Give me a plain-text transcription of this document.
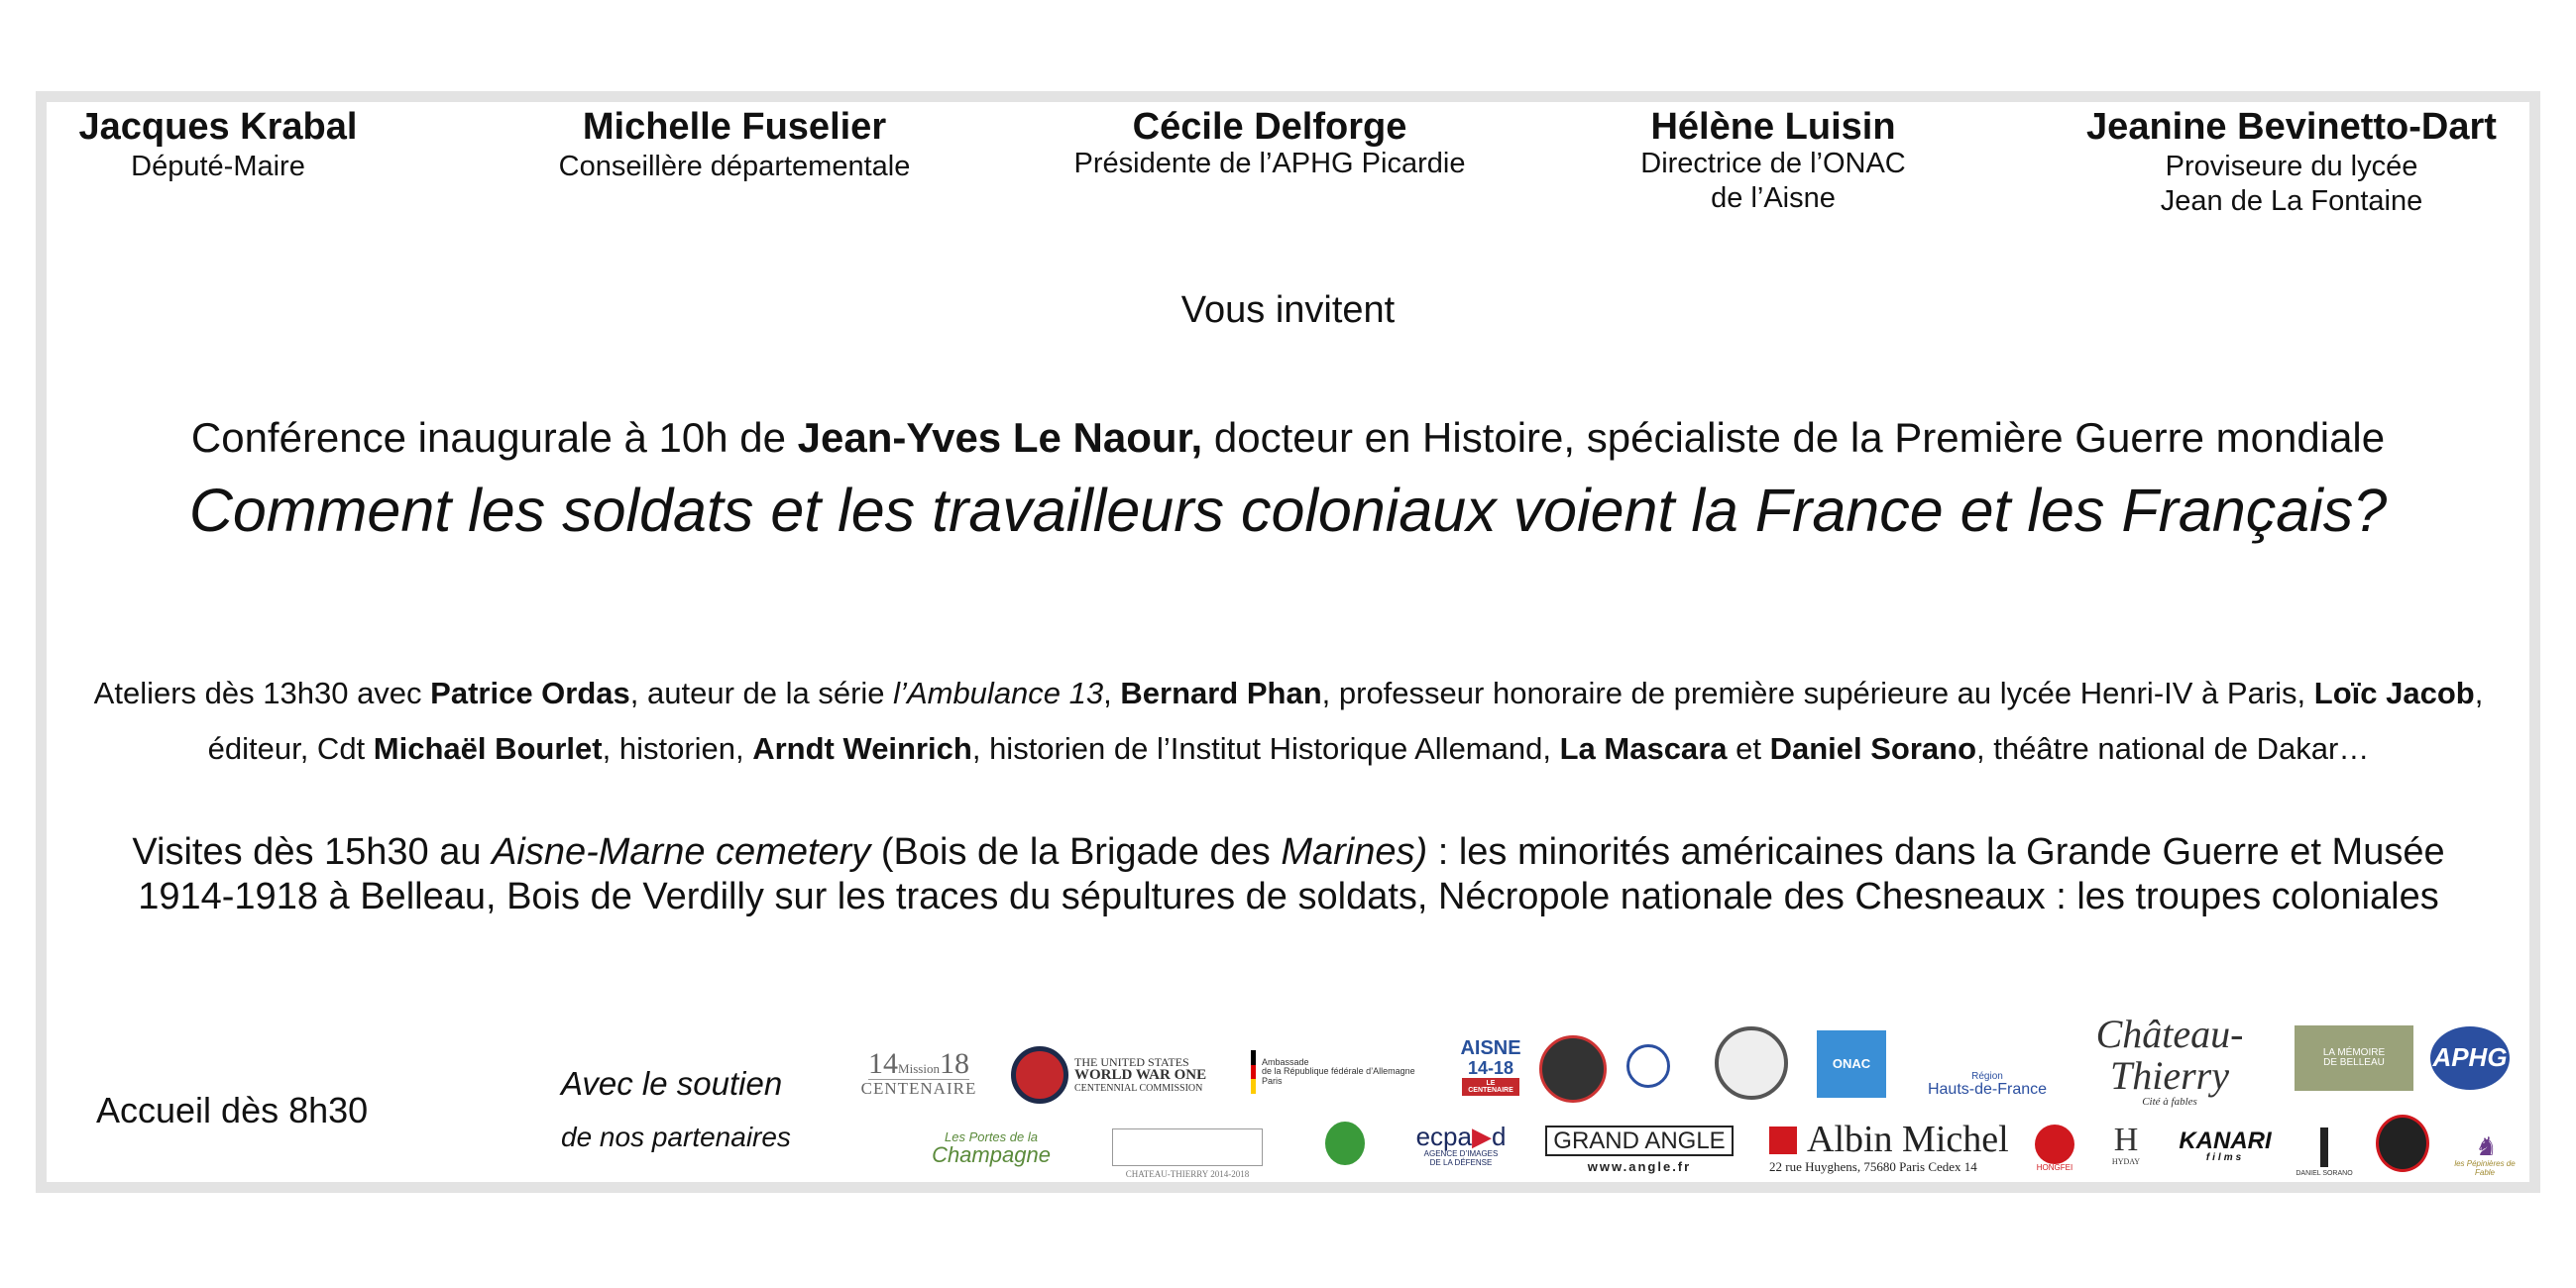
Jacques Krabal
Député-Maire
Michelle Fuselier
Conseillère départementale
Cécile Delforge
Présidente de l’APHG Picardie
Hélène Luisin
Directrice de l’ONAC
de l’Aisne
Jeanine Bevinetto-Dart
Proviseure du lycée
Jean de La Fontaine
Vous invitent
Conférence inaugurale à 10h de Jean-Yves Le Naour, docteur en Histoire, spécialiste de la Première Guerre mondiale
Comment les soldats et les travailleurs coloniaux voient la France et les Français?
Ateliers dès 13h30 avec Patrice Ordas, auteur de la série l’Ambulance 13, Bernard Phan, professeur honoraire de première supérieure au lycée Henri-IV à Paris, Loïc Jacob, éditeur, Cdt Michaël Bourlet, historien, Arndt Weinrich, historien de l’Institut Historique Allemand, La Mascara et Daniel Sorano, théâtre national de Dakar…
Visites dès 15h30 au Aisne-Marne cemetery (Bois de la Brigade des Marines) : les minorités américaines dans la Grande Guerre et Musée 1914-1918 à Belleau, Bois de Verdilly sur les traces du sépultures de soldats, Nécropole nationale des Chesneaux : les troupes coloniales
Accueil dès 8h30
Avec le soutien
de nos partenaires
14Mission18
CENTENAIRE
THE UNITED STATES
WORLD WAR ONE
CENTENNIAL COMMISSION
Ambassade
de la République fédérale d’Allemagne
Paris
AISNE
14-18
LE CENTENAIRE
ONAC
Région
Hauts-de-France
Château-Thierry
Cité à fables
LA MÉMOIRE
DE BELLEAU APHG
Les Portes de la
Champagne
CHATEAU-THIERRY 2014-2018
ecpa▶d
AGENCE D’IMAGES
DE LA DÉFENSE
GRAND ANGLE
www.angle.fr
Albin Michel
22 rue Huyghens, 75680 Paris Cedex 14	HONGFEI
H
HYDAY
KANARI
films
DANIEL SORANO
♞
les Pépinières de Fable
